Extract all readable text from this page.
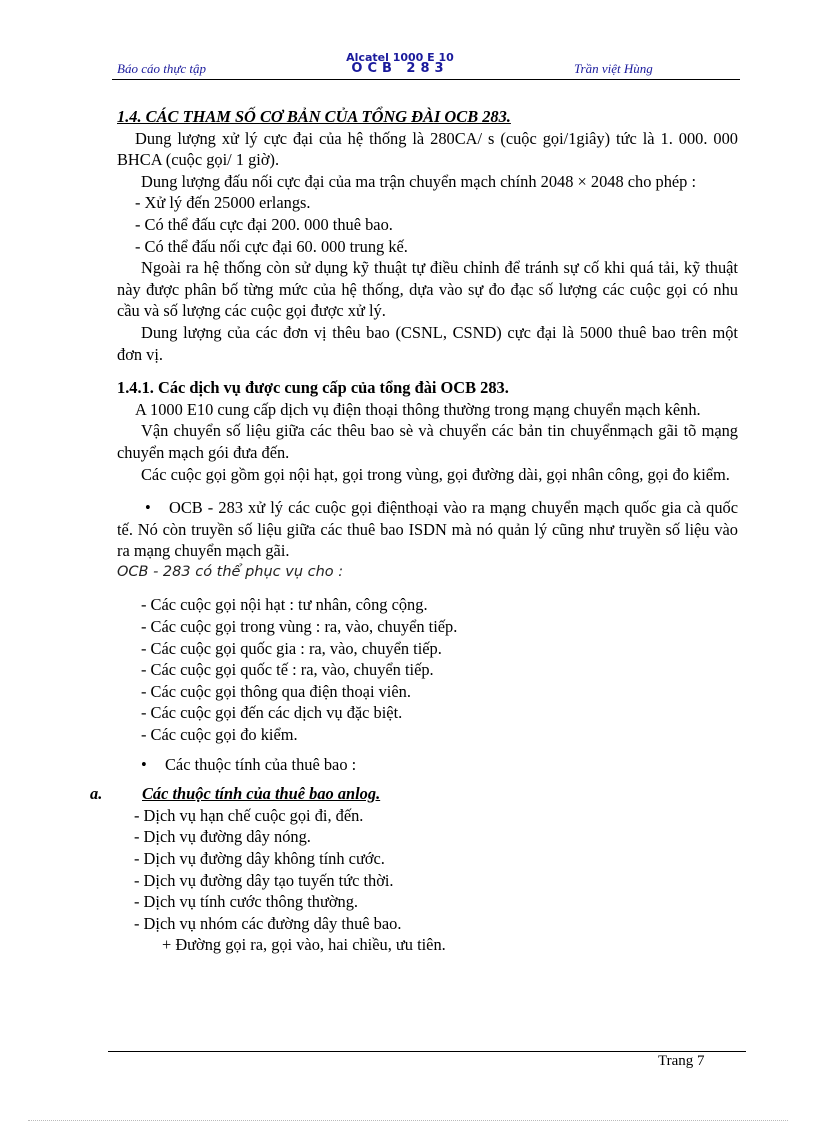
Báo cáo thực tập
Alcatel 1000 E 10
OCB 283	Trần việt Hùng

1.4. CÁC THAM SỐ CƠ BẢN CỦA TỔNG ĐÀI OCB 283.

Dung lượng xử lý cực đại của hệ thống là 280CA/ s (cuộc gọi/1giây) tức là 1. 000. 000 BHCA (cuộc gọi/ 1 giờ).

Dung lượng đấu nối cực đại của ma trận chuyển mạch chính 2048 × 2048 cho phép :

- Xử lý đến 25000 erlangs.

- Có thể đấu cực đại 200. 000 thuê bao.

- Có thể đấu nối cực đại 60. 000 trung kế.

Ngoài ra hệ thống còn sử dụng kỹ thuật tự điều chỉnh để tránh sự cố khi quá tải, kỹ thuật này được phân bố từng mức của hệ thống, dựa vào sự đo đạc số lượng các cuộc gọi có nhu cầu và số lượng các cuộc gọi được xử lý.

Dung lượng của các đơn vị thêu bao (CSNL, CSND) cực đại là 5000 thuê bao trên một đơn vị.

1.4.1. Các dịch vụ được cung cấp của tổng đài OCB 283.

A 1000 E10 cung cấp dịch vụ điện thoại thông thường trong mạng chuyển mạch kênh.

Vận chuyển số liệu giữa các thêu bao sè và chuyển các bản tin chuyểnmạch gãi tõ mạng chuyển mạch gói đưa đến.

Các cuộc gọi gồm gọi nội hạt, gọi trong vùng, gọi đường dài, gọi nhân công, gọi đo kiểm.

• OCB - 283 xử lý các cuộc gọi điệnthoại vào ra mạng chuyển mạch quốc gia cà quốc tế. Nó còn truyền số liệu giữa các thuê bao ISDN mà nó quản lý cũng như truyền số liệu vào ra mạng chuyển mạch gãi.

OCB - 283 có thể phục vụ cho :

- Các cuộc gọi nội hạt : tư nhân, công cộng.

- Các cuộc gọi trong vùng : ra, vào, chuyển tiếp.

- Các cuộc gọi quốc gia : ra, vào, chuyển tiếp.

- Các cuộc gọi quốc tế : ra, vào, chuyển tiếp.

- Các cuộc gọi thông qua điện thoại viên.

- Các cuộc gọi đến các dịch vụ đặc biệt.

- Các cuộc gọi đo kiểm.

• Các thuộc tính của thuê bao :

a.	Các thuộc tính của thuê bao anlog.

- Dịch vụ hạn chế cuộc gọi đi, đến.

- Dịch vụ đường dây nóng.

- Dịch vụ đường dây không tính cước.

- Dịch vụ đường dây tạo tuyến tức thời.

- Dịch vụ tính cước thông thường.

- Dịch vụ nhóm các đường dây thuê bao.

+ Đường gọi ra, gọi vào, hai chiều, ưu tiên.

Trang 7
